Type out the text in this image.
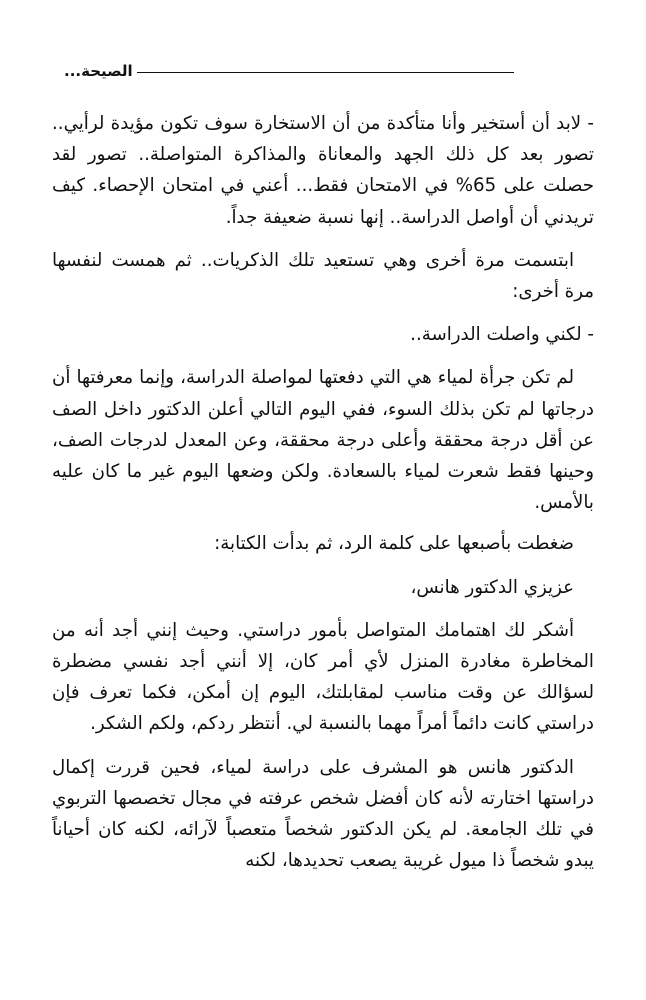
الصيحة...

- لابد أن أستخير وأنا متأكدة من أن الاستخارة سوف تكون مؤيدة لرأيي.. تصور بعد كل ذلك الجهد والمعاناة والمذاكرة المتواصلة.. تصور لقد حصلت على 65% في الامتحان فقط... أعني في امتحان الإحصاء. كيف تريدني أن أواصل الدراسة.. إنها نسبة ضعيفة جداً.

ابتسمت مرة أخرى وهي تستعيد تلك الذكريات.. ثم همست لنفسها مرة أخرى:

- لكني واصلت الدراسة..

لم تكن جرأة لمياء هي التي دفعتها لمواصلة الدراسة، وإنما معرفتها أن درجاتها لم تكن بذلك السوء، ففي اليوم التالي أعلن الدكتور داخل الصف عن أقل درجة محققة وأعلى درجة محققة، وعن المعدل لدرجات الصف، وحينها فقط شعرت لمياء بالسعادة. ولكن وضعها اليوم غير ما كان عليه بالأمس.

ضغطت بأصبعها على كلمة الرد، ثم بدأت الكتابة:

عزيزي الدكتور هانس،

أشكر لك اهتمامك المتواصل بأمور دراستي. وحيث إنني أجد أنه من المخاطرة مغادرة المنزل لأي أمر كان، إلا أنني أجد نفسي مضطرة لسؤالك عن وقت مناسب لمقابلتك، اليوم إن أمكن، فكما تعرف فإن دراستي كانت دائماً أمراً مهما بالنسبة لي. أنتظر ردكم، ولكم الشكر.

الدكتور هانس هو المشرف على دراسة لمياء، فحين قررت إكمال دراستها اختارته لأنه كان أفضل شخص عرفته في مجال تخصصها التربوي في تلك الجامعة. لم يكن الدكتور شخصاً متعصباً لآرائه، لكنه كان أحياناً يبدو شخصاً ذا ميول غريبة يصعب تحديدها، لكنه
